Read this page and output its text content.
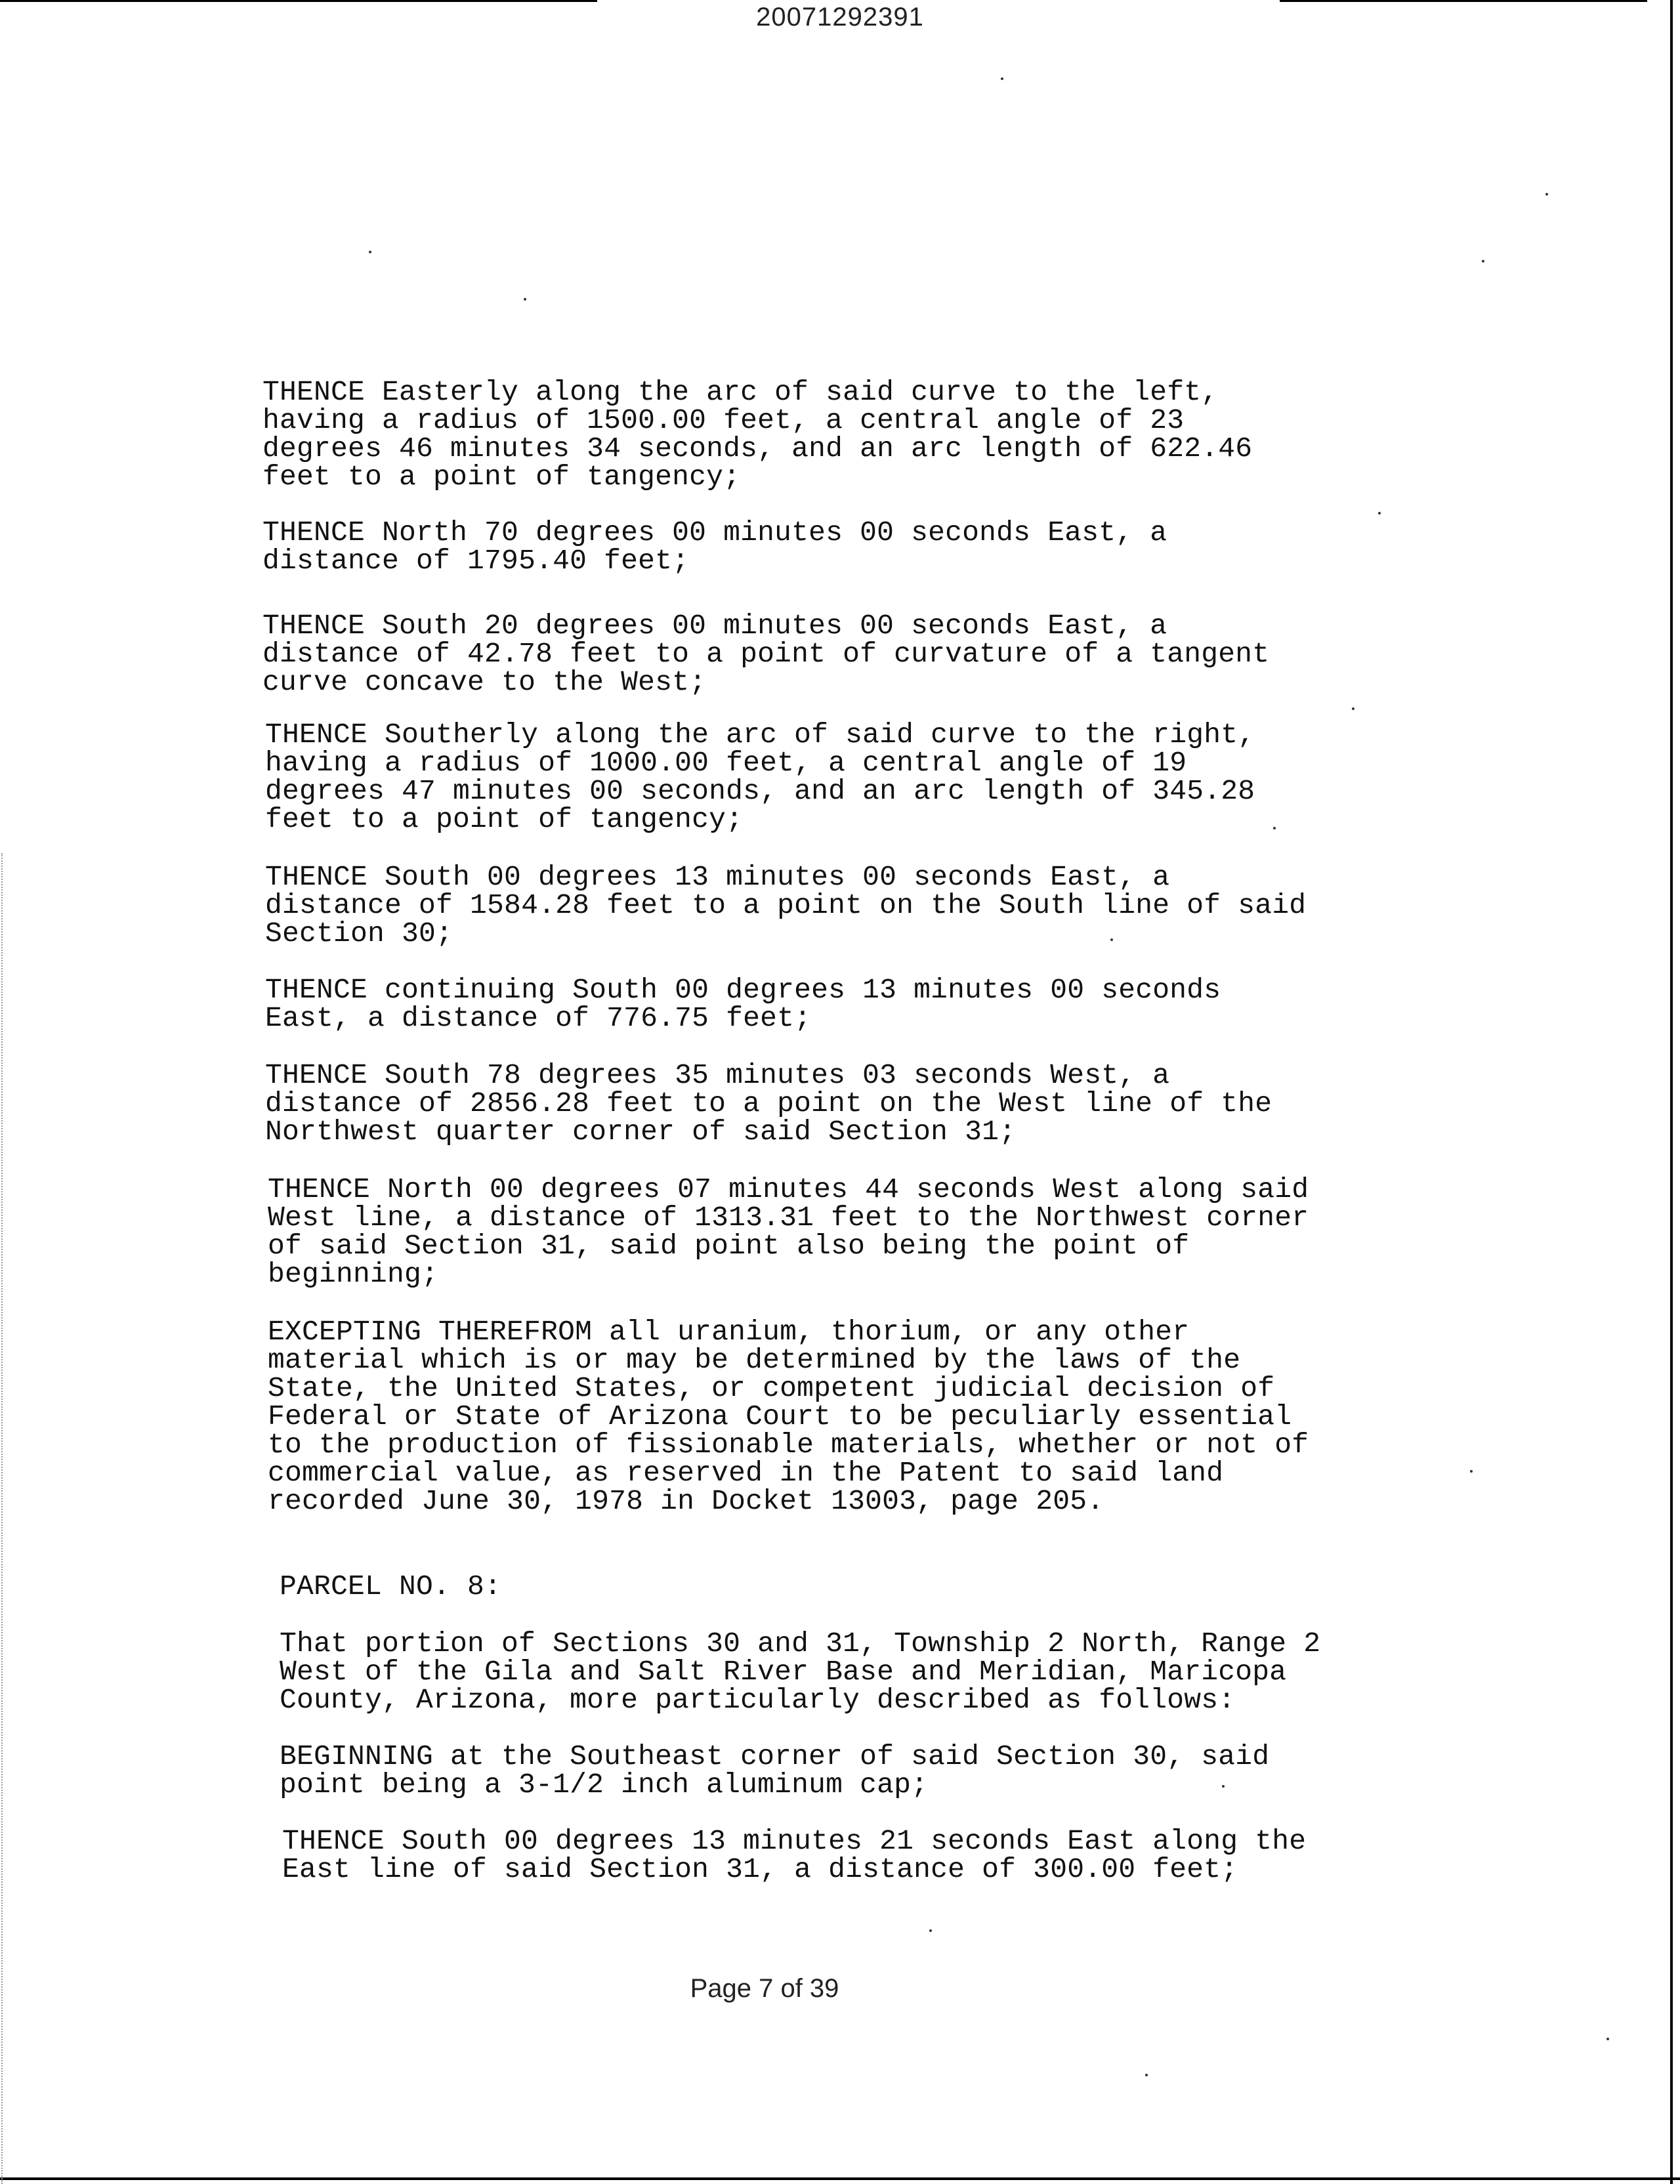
20071292391

THENCE Easterly along the arc of said curve to the left,
having a radius of 1500.00 feet, a central angle of 23
degrees 46 minutes 34 seconds, and an arc length of 622.46
feet to a point of tangency;

THENCE North 70 degrees 00 minutes 00 seconds East, a
distance of 1795.40 feet;

THENCE South 20 degrees 00 minutes 00 seconds East, a
distance of 42.78 feet to a point of curvature of a tangent
curve concave to the West;

THENCE Southerly along the arc of said curve to the right,
having a radius of 1000.00 feet, a central angle of 19
degrees 47 minutes 00 seconds, and an arc length of 345.28
feet to a point of tangency;

THENCE South 00 degrees 13 minutes 00 seconds East, a
distance of 1584.28 feet to a point on the South line of said
Section 30;

THENCE continuing South 00 degrees 13 minutes 00 seconds
East, a distance of 776.75 feet;

THENCE South 78 degrees 35 minutes 03 seconds West, a
distance of 2856.28 feet to a point on the West line of the
Northwest quarter corner of said Section 31;

THENCE North 00 degrees 07 minutes 44 seconds West along said
West line, a distance of 1313.31 feet to the Northwest corner
of said Section 31, said point also being the point of
beginning;

EXCEPTING THEREFROM all uranium, thorium, or any other
material which is or may be determined by the laws of the
State, the United States, or competent judicial decision of
Federal or State of Arizona Court to be peculiarly essential
to the production of fissionable materials, whether or not of
commercial value, as reserved in the Patent to said land
recorded June 30, 1978 in Docket 13003, page 205.

PARCEL NO. 8:

That portion of Sections 30 and 31, Township 2 North, Range 2
West of the Gila and Salt River Base and Meridian, Maricopa
County, Arizona, more particularly described as follows:

BEGINNING at the Southeast corner of said Section 30, said
point being a 3-1/2 inch aluminum cap;

THENCE South 00 degrees 13 minutes 21 seconds East along the
East line of said Section 31, a distance of 300.00 feet;

Page 7 of 39
